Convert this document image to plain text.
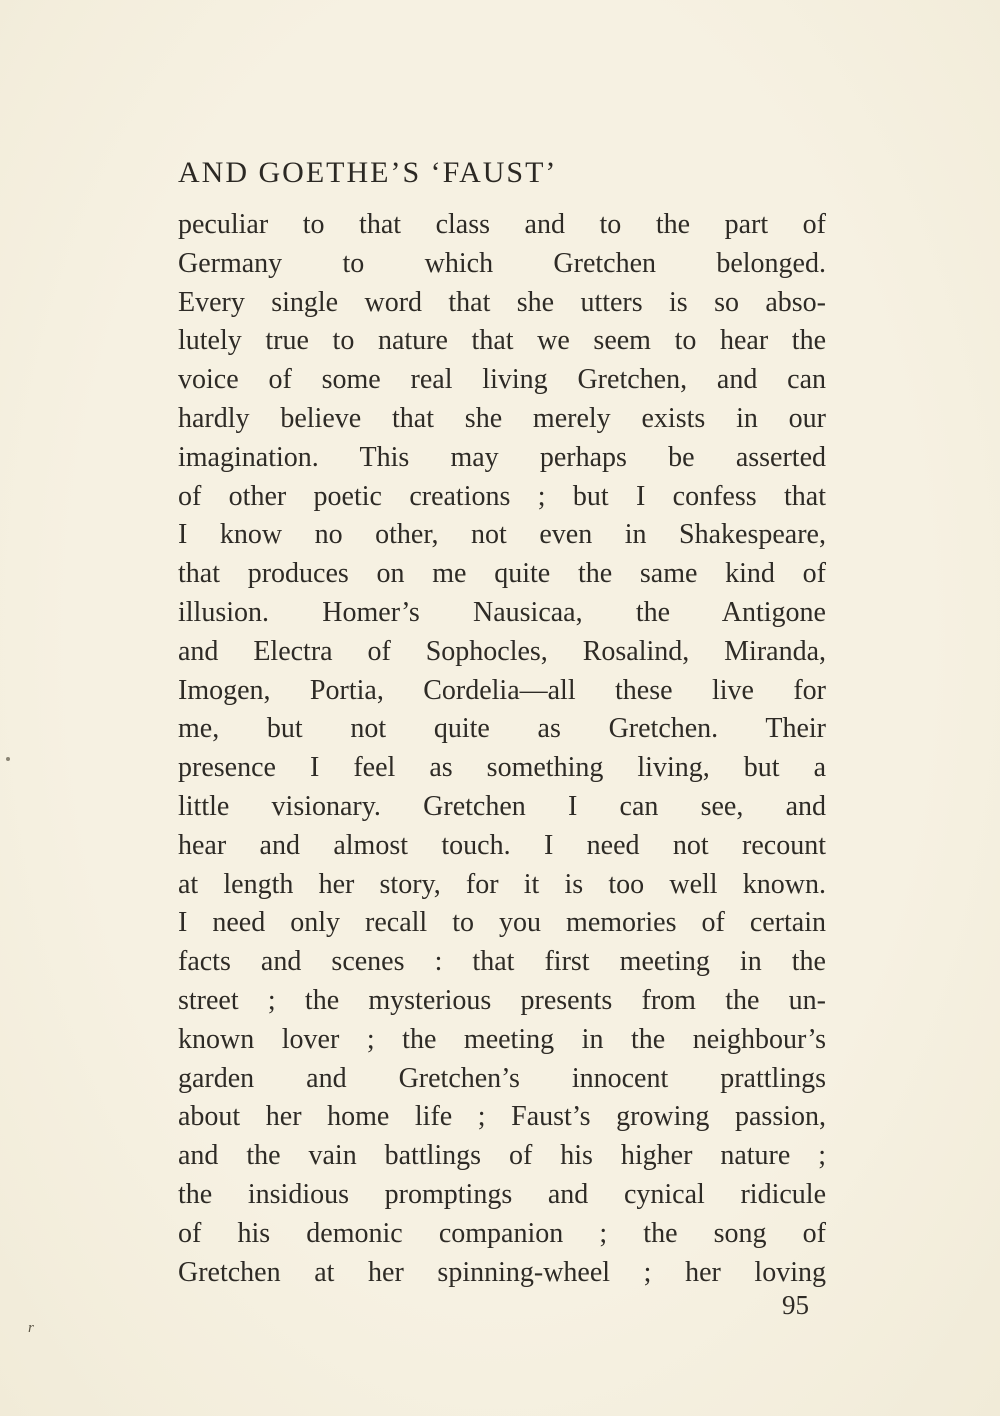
AND GOETHE’S ‘FAUST’
peculiar to that class and to the part of
Germany to which Gretchen belonged.
Every single word that she utters is so abso-
lutely true to nature that we seem to hear the
voice of some real living Gretchen, and can
hardly believe that she merely exists in our
imagination. This may perhaps be asserted
of other poetic creations ; but I confess that
I know no other, not even in Shakespeare,
that produces on me quite the same kind of
illusion. Homer’s Nausicaa, the Antigone
and Electra of Sophocles, Rosalind, Miranda,
Imogen, Portia, Cordelia—all these live for
me, but not quite as Gretchen. Their
presence I feel as something living, but a
little visionary. Gretchen I can see, and
hear and almost touch. I need not recount
at length her story, for it is too well known.
I need only recall to you memories of certain
facts and scenes : that first meeting in the
street ; the mysterious presents from the un-
known lover ; the meeting in the neighbour’s
garden and Gretchen’s innocent prattlings
about her home life ; Faust’s growing passion,
and the vain battlings of his higher nature ;
the insidious promptings and cynical ridicule
of his demonic companion ; the song of
Gretchen at her spinning-wheel ; her loving
95
r
